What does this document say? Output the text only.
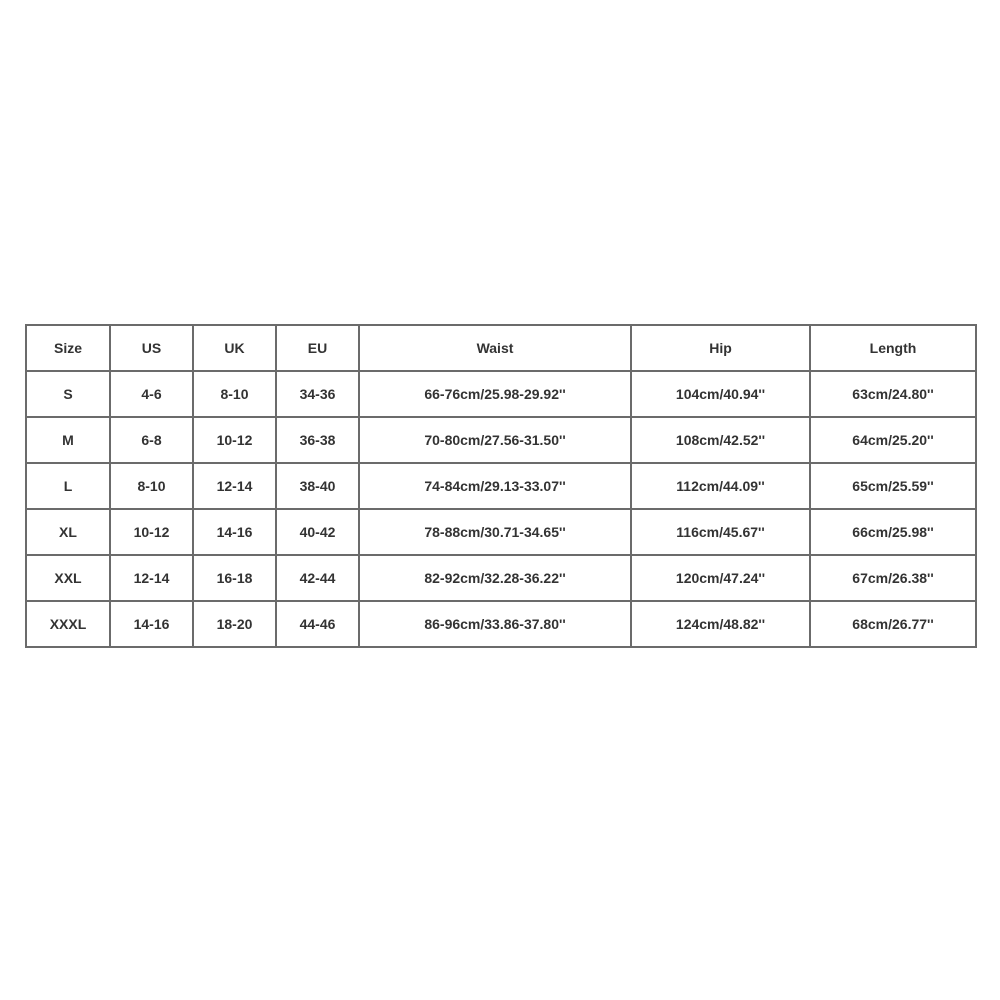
Size	US	UK	EU	Waist	Hip	Length
S	4-6	8-10	34-36	66-76cm/25.98-29.92''	104cm/40.94''	63cm/24.80''
M	6-8	10-12	36-38	70-80cm/27.56-31.50''	108cm/42.52''	64cm/25.20''
L	8-10	12-14	38-40	74-84cm/29.13-33.07''	112cm/44.09''	65cm/25.59''
XL	10-12	14-16	40-42	78-88cm/30.71-34.65''	116cm/45.67''	66cm/25.98''
XXL	12-14	16-18	42-44	82-92cm/32.28-36.22''	120cm/47.24''	67cm/26.38''
XXXL	14-16	18-20	44-46	86-96cm/33.86-37.80''	124cm/48.82''	68cm/26.77''
